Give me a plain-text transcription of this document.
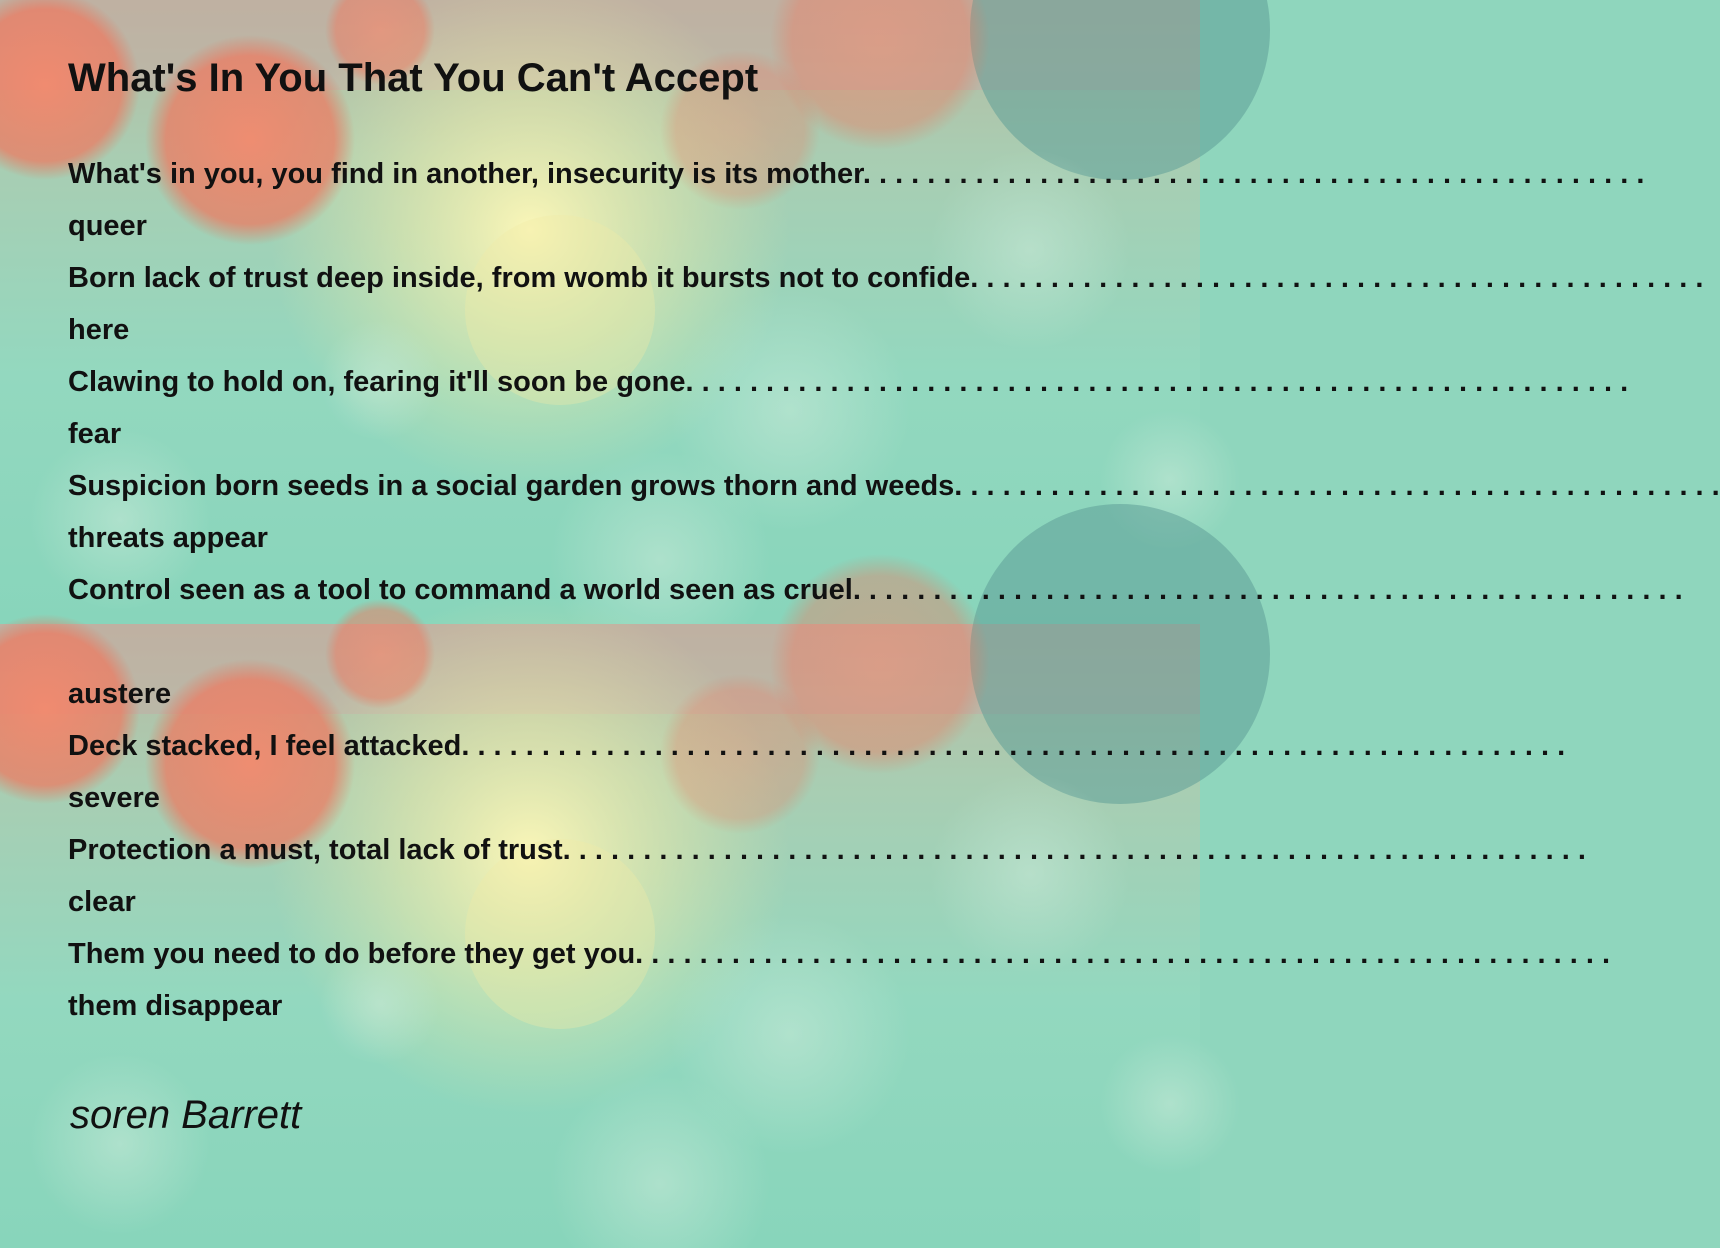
What's In You That You Can't Accept

What's in you, you find in another, insecurity is its mother. . . . . . . . . . . . . . . . . . . . . . . . . . . . . . . . . . . . . . . . . . . . . . . . .

queer

Born lack of trust deep inside, from womb it bursts not to confide. . . . . . . . . . . . . . . . . . . . . . . . . . . . . . . . . . . . . . . . . . . . . .

here

Clawing to hold on, fearing it'll soon be gone. . . . . . . . . . . . . . . . . . . . . . . . . . . . . . . . . . . . . . . . . . . . . . . . . . . . . . . . . . .

fear

Suspicion born seeds in a social garden grows thorn and weeds. . . . . . . . . . . . . . . . . . . . . . . . . . . . . . . . . . . . . . . . . . . . . . . .

threats appear

Control seen as a tool to command a world seen as cruel. . . . . . . . . . . . . . . . . . . . . . . . . . . . . . . . . . . . . . . . . . . . . . . . . . . .

austere

Deck stacked, I feel attacked. . . . . . . . . . . . . . . . . . . . . . . . . . . . . . . . . . . . . . . . . . . . . . . . . . . . . . . . . . . . . . . . . . . . .

severe

Protection a must, total lack of trust. . . . . . . . . . . . . . . . . . . . . . . . . . . . . . . . . . . . . . . . . . . . . . . . . . . . . . . . . . . . . . . .

clear

Them you need to do before they get you. . . . . . . . . . . . . . . . . . . . . . . . . . . . . . . . . . . . . . . . . . . . . . . . . . . . . . . . . . . . .

them disappear

soren Barrett
